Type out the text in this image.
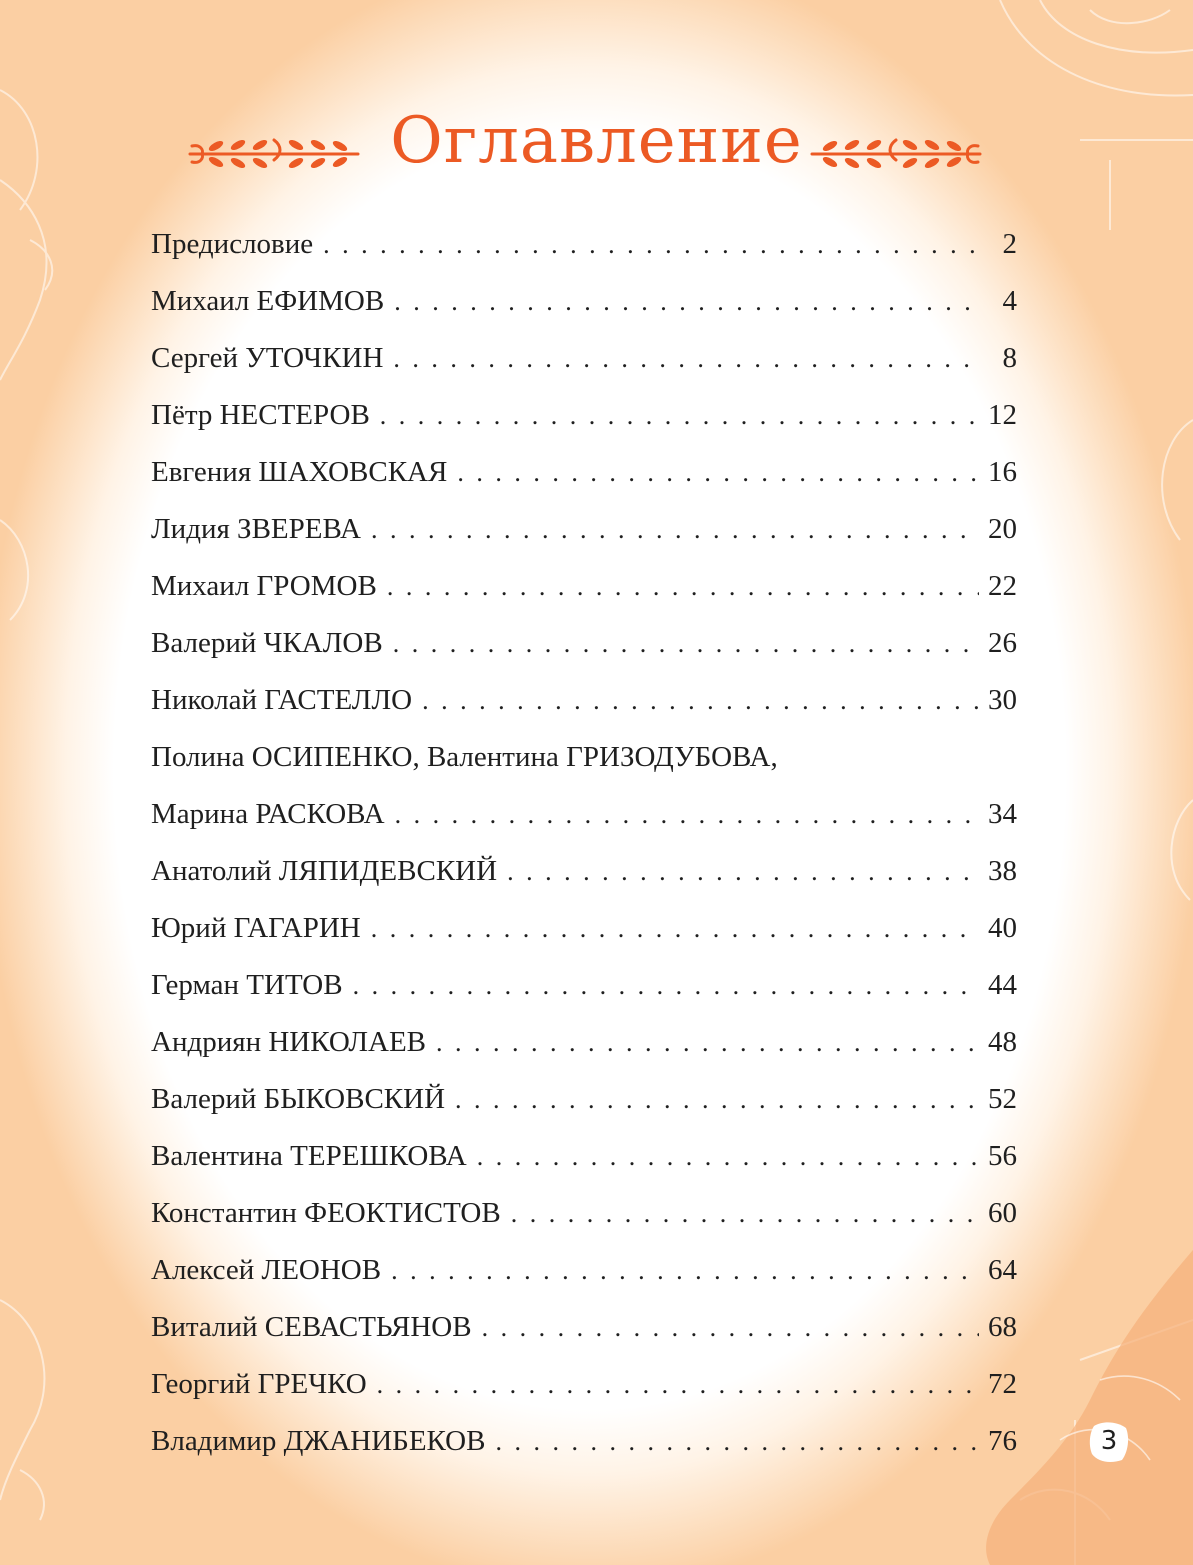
Оглавление
Предисловие . . .	2
Михаил ЕФИМОВ . . .	4
Сергей УТОЧКИН . . .	8
Пётр НЕСТЕРОВ . . .	12
Евгения ШАХОВСКАЯ . . .	16
Лидия ЗВЕРЕВА . . .	20
Михаил ГРОМОВ . . .	22
Валерий ЧКАЛОВ . . .	26
Николай ГАСТЕЛЛО . . .	30
Полина ОСИПЕНКО, Валентина ГРИЗОДУБОВА,
Марина РАСКОВА . . .	34
Анатолий ЛЯПИДЕВСКИЙ . . .	38
Юрий ГАГАРИН . . .	40
Герман ТИТОВ . . .	44
Андриян НИКОЛАЕВ . . .	48
Валерий БЫКОВСКИЙ . . .	52
Валентина ТЕРЕШКОВА . . .	56
Константин ФЕОКТИСТОВ . . .	60
Алексей ЛЕОНОВ . . .	64
Виталий СЕВАСТЬЯНОВ . . .	68
Георгий ГРЕЧКО . . .	72
Владимир ДЖАНИБЕКОВ . . .	76	3
